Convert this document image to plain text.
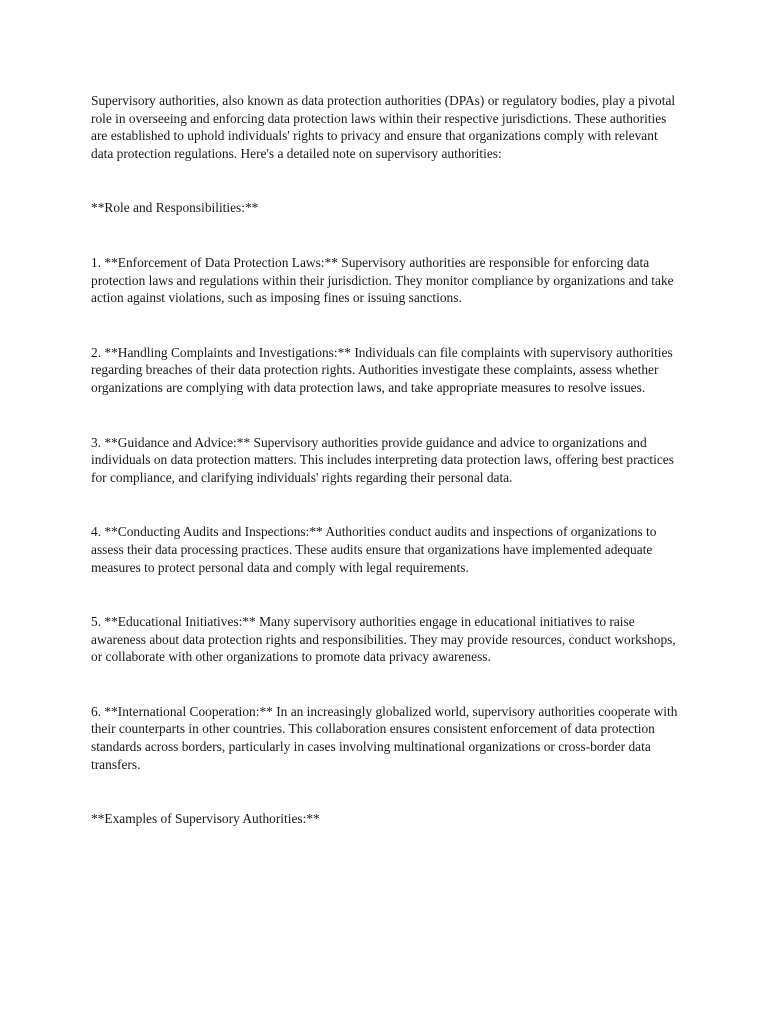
Supervisory authorities, also known as data protection authorities (DPAs) or regulatory bodies, play a pivotal role in overseeing and enforcing data protection laws within their respective jurisdictions. These authorities are established to uphold individuals' rights to privacy and ensure that organizations comply with relevant data protection regulations. Here's a detailed note on supervisory authorities:

**Role and Responsibilities:**

1. **Enforcement of Data Protection Laws:** Supervisory authorities are responsible for enforcing data protection laws and regulations within their jurisdiction. They monitor compliance by organizations and take action against violations, such as imposing fines or issuing sanctions.

2. **Handling Complaints and Investigations:** Individuals can file complaints with supervisory authorities regarding breaches of their data protection rights. Authorities investigate these complaints, assess whether organizations are complying with data protection laws, and take appropriate measures to resolve issues.

3. **Guidance and Advice:** Supervisory authorities provide guidance and advice to organizations and individuals on data protection matters. This includes interpreting data protection laws, offering best practices for compliance, and clarifying individuals' rights regarding their personal data.

4. **Conducting Audits and Inspections:** Authorities conduct audits and inspections of organizations to assess their data processing practices. These audits ensure that organizations have implemented adequate measures to protect personal data and comply with legal requirements.

5. **Educational Initiatives:** Many supervisory authorities engage in educational initiatives to raise awareness about data protection rights and responsibilities. They may provide resources, conduct workshops, or collaborate with other organizations to promote data privacy awareness.

6. **International Cooperation:** In an increasingly globalized world, supervisory authorities cooperate with their counterparts in other countries. This collaboration ensures consistent enforcement of data protection standards across borders, particularly in cases involving multinational organizations or cross-border data transfers.

**Examples of Supervisory Authorities:**
